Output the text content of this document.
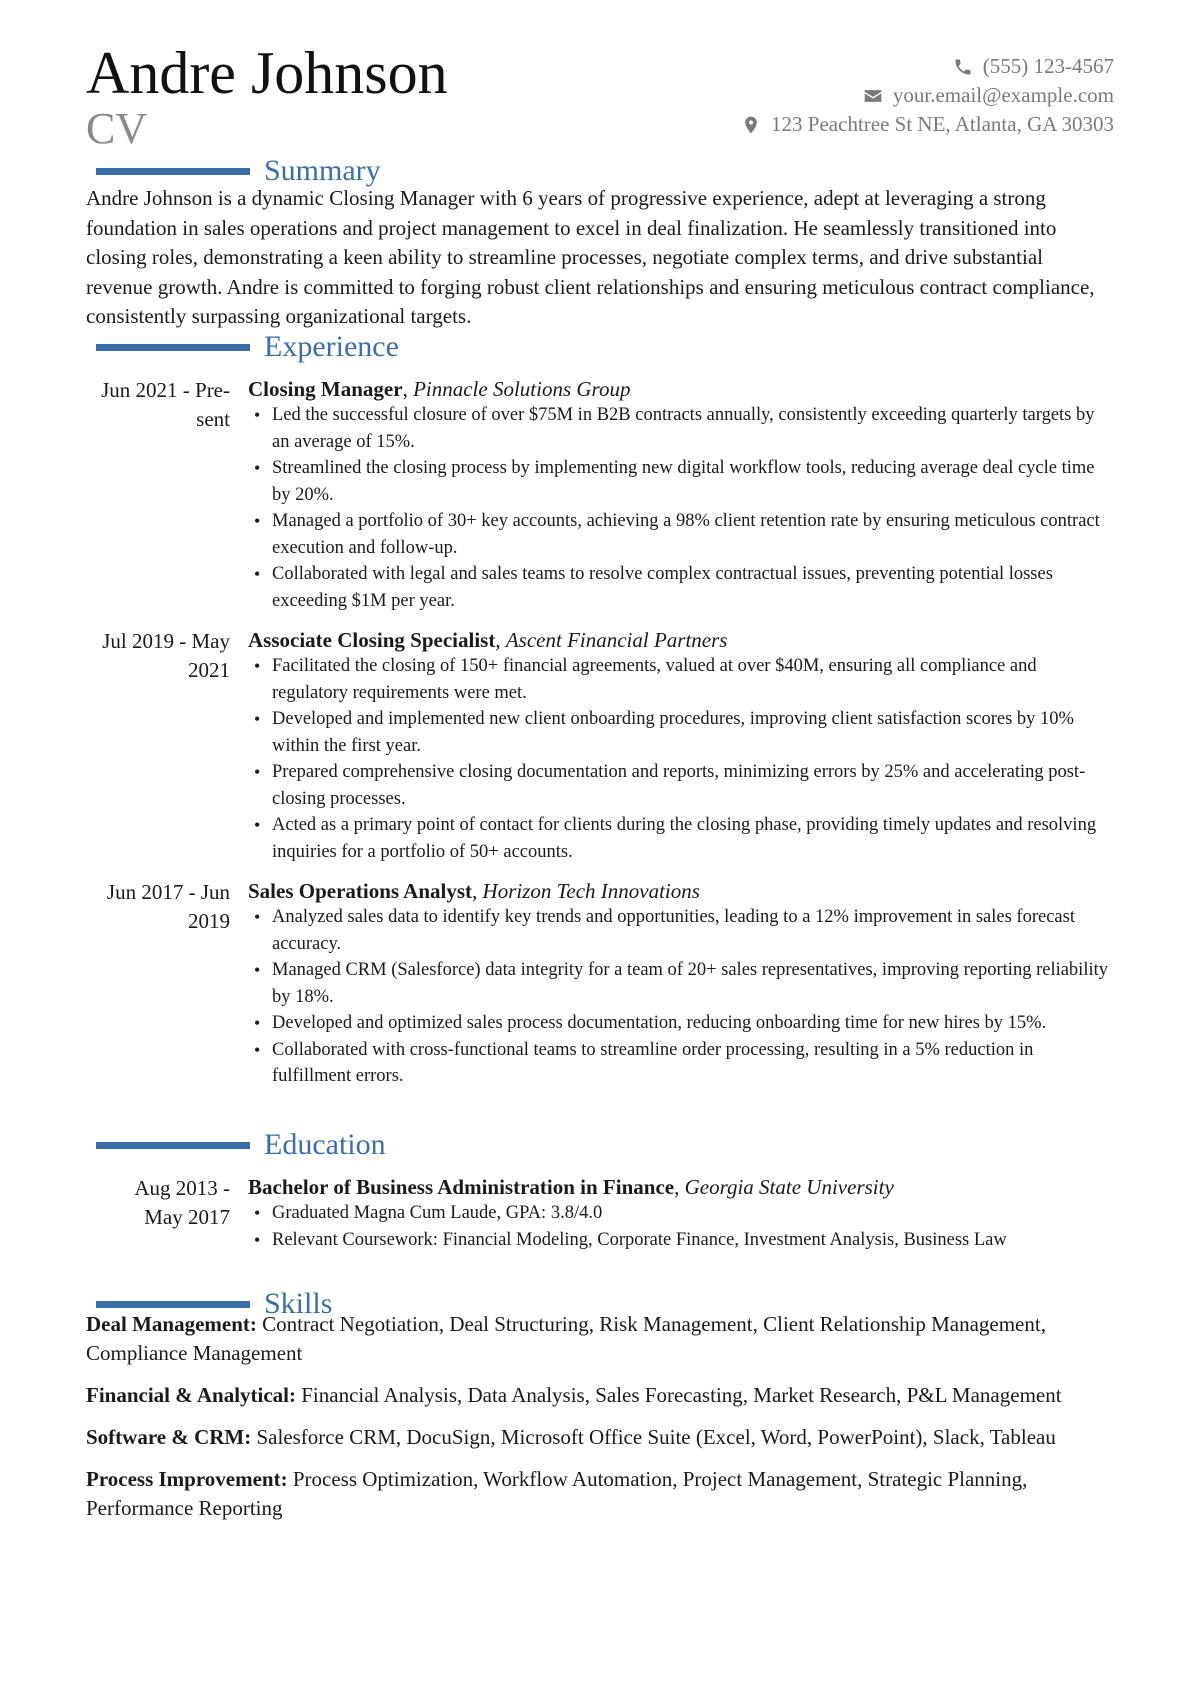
Andre Johnson
CV
(555) 123-4567
your.email@example.com
123 Peachtree St NE, Atlanta, GA 30303
Summary

Andre Johnson is a dynamic Closing Manager with 6 years of progressive experience, adept at leveraging a strong foundation in sales operations and project management to excel in deal finalization. He seamlessly transitioned into closing roles, demonstrating a keen ability to streamline processes, negotiate complex terms, and drive substantial revenue growth. Andre is committed to forging robust client relationships and ensuring meticulous contract compliance, consistently surpassing organizational targets.

Experience
Jun 2021 - Pre-
sent
Closing Manager, Pinnacle Solutions Group
• Led the successful closure of over $75M in B2B contracts annually, consistently exceeding quarterly targets by an average of 15%.
• Streamlined the closing process by implementing new digital workflow tools, reducing average deal cycle time by 20%.
• Managed a portfolio of 30+ key accounts, achieving a 98% client retention rate by ensuring meticulous contract execution and follow-up.
• Collaborated with legal and sales teams to resolve complex contractual issues, preventing potential losses exceeding $1M per year.
Jul 2019 - May
2021
Associate Closing Specialist, Ascent Financial Partners
• Facilitated the closing of 150+ financial agreements, valued at over $40M, ensuring all compliance and regulatory requirements were met.
• Developed and implemented new client onboarding procedures, improving client satisfaction scores by 10% within the first year.
• Prepared comprehensive closing documentation and reports, minimizing errors by 25% and accelerating post-closing processes.
• Acted as a primary point of contact for clients during the closing phase, providing timely updates and resolving inquiries for a portfolio of 50+ accounts.
Jun 2017 - Jun
2019
Sales Operations Analyst, Horizon Tech Innovations
• Analyzed sales data to identify key trends and opportunities, leading to a 12% improvement in sales forecast accuracy.
• Managed CRM (Salesforce) data integrity for a team of 20+ sales representatives, improving reporting reliability by 18%.
• Developed and optimized sales process documentation, reducing onboarding time for new hires by 15%.
• Collaborated with cross-functional teams to streamline order processing, resulting in a 5% reduction in fulfillment errors.
Education
Aug 2013 -
May 2017
Bachelor of Business Administration in Finance, Georgia State University
• Graduated Magna Cum Laude, GPA: 3.8/4.0
• Relevant Coursework: Financial Modeling, Corporate Finance, Investment Analysis, Business Law
Skills
Deal Management: Contract Negotiation, Deal Structuring, Risk Management, Client Relationship Management, Compliance Management
Financial & Analytical: Financial Analysis, Data Analysis, Sales Forecasting, Market Research, P&L Management
Software & CRM: Salesforce CRM, DocuSign, Microsoft Office Suite (Excel, Word, PowerPoint), Slack, Tableau
Process Improvement: Process Optimization, Workflow Automation, Project Management, Strategic Planning, Performance Reporting
